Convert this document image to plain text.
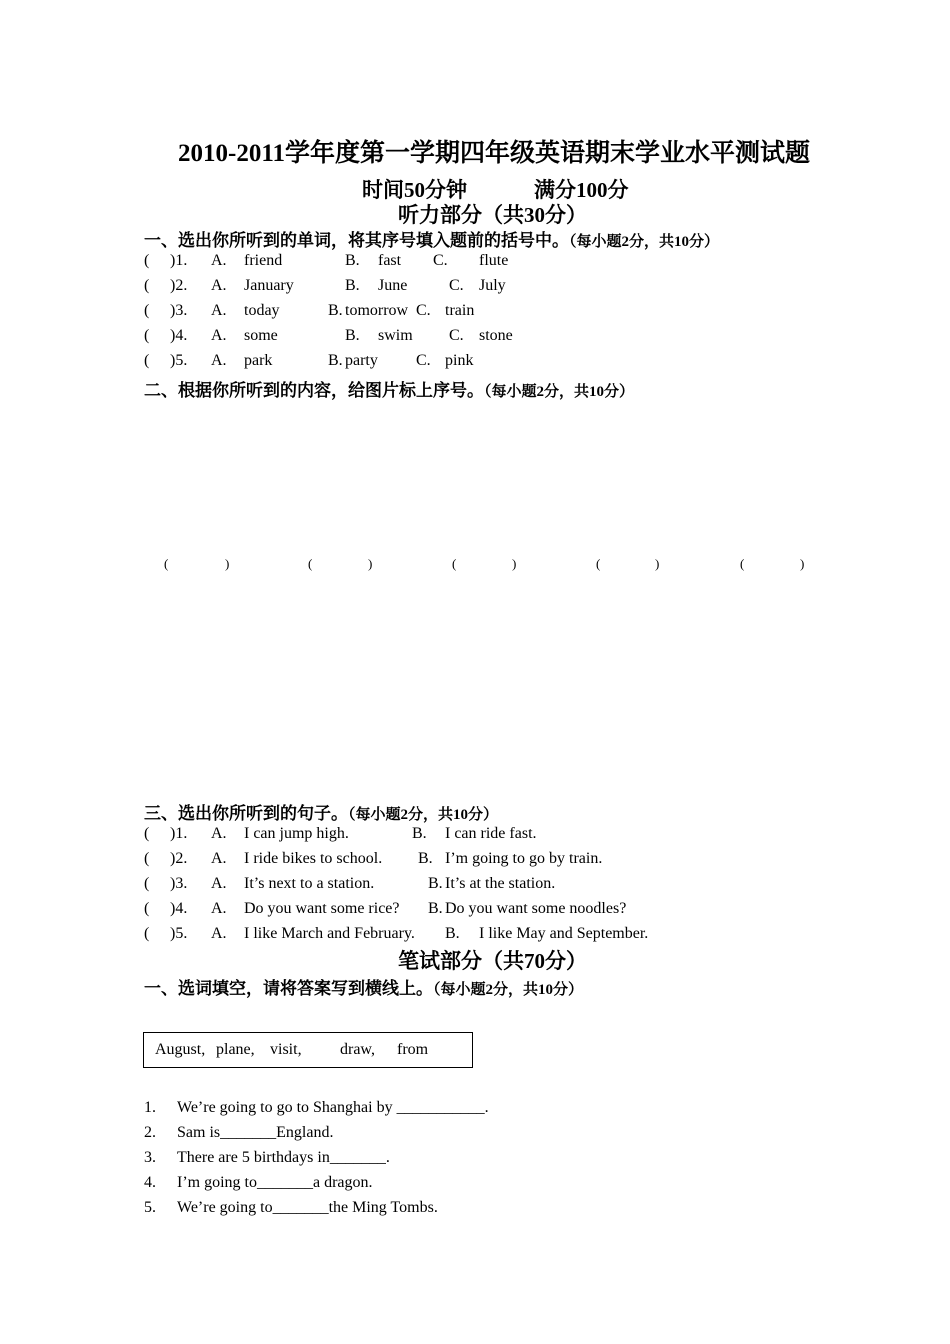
2010-2011学年度第一学期四年级英语期末学业水平测试题
时间50分钟	满分100分
听力部分（共30分）
一、选出你所听到的单词，将其序号填入题前的括号中。（每小题2分，共10分）
( )1. A. friend	B. fast C. flute
( )2. A. January	B. June	C. July
( )3. A. today	B. tomorrow C. train
( )4. A. some	B. swim C. stone
( )5. A. park	B. party C. pink
二、根据你所听到的内容，给图片标上序号。（每小题2分，共10分）
(	)	(	)	(	)	(	)	(	)
三、选出你所听到的句子。（每小题2分，共10分）
( )1. A. I can jump high.	B. I can ride fast.
( )2. A. I ride bikes to school. B. I’m going to go by train.
( )3. A. It’s next to a station.	B. It’s at the station.
( )4. A. Do you want some rice? B. Do you want some noodles?
( )5. A. I like March and February. B. I like May and September.
笔试部分（共70分）
一、选词填空，请将答案写到横线上。（每小题2分，共10分）
August, plane, visit, draw, from
1. We’re going to go to Shanghai by ___________.
2. Sam is_______England.
3. There are 5 birthdays in_______.
4. I’m going to_______a dragon.
5. We’re going to_______the Ming Tombs.
